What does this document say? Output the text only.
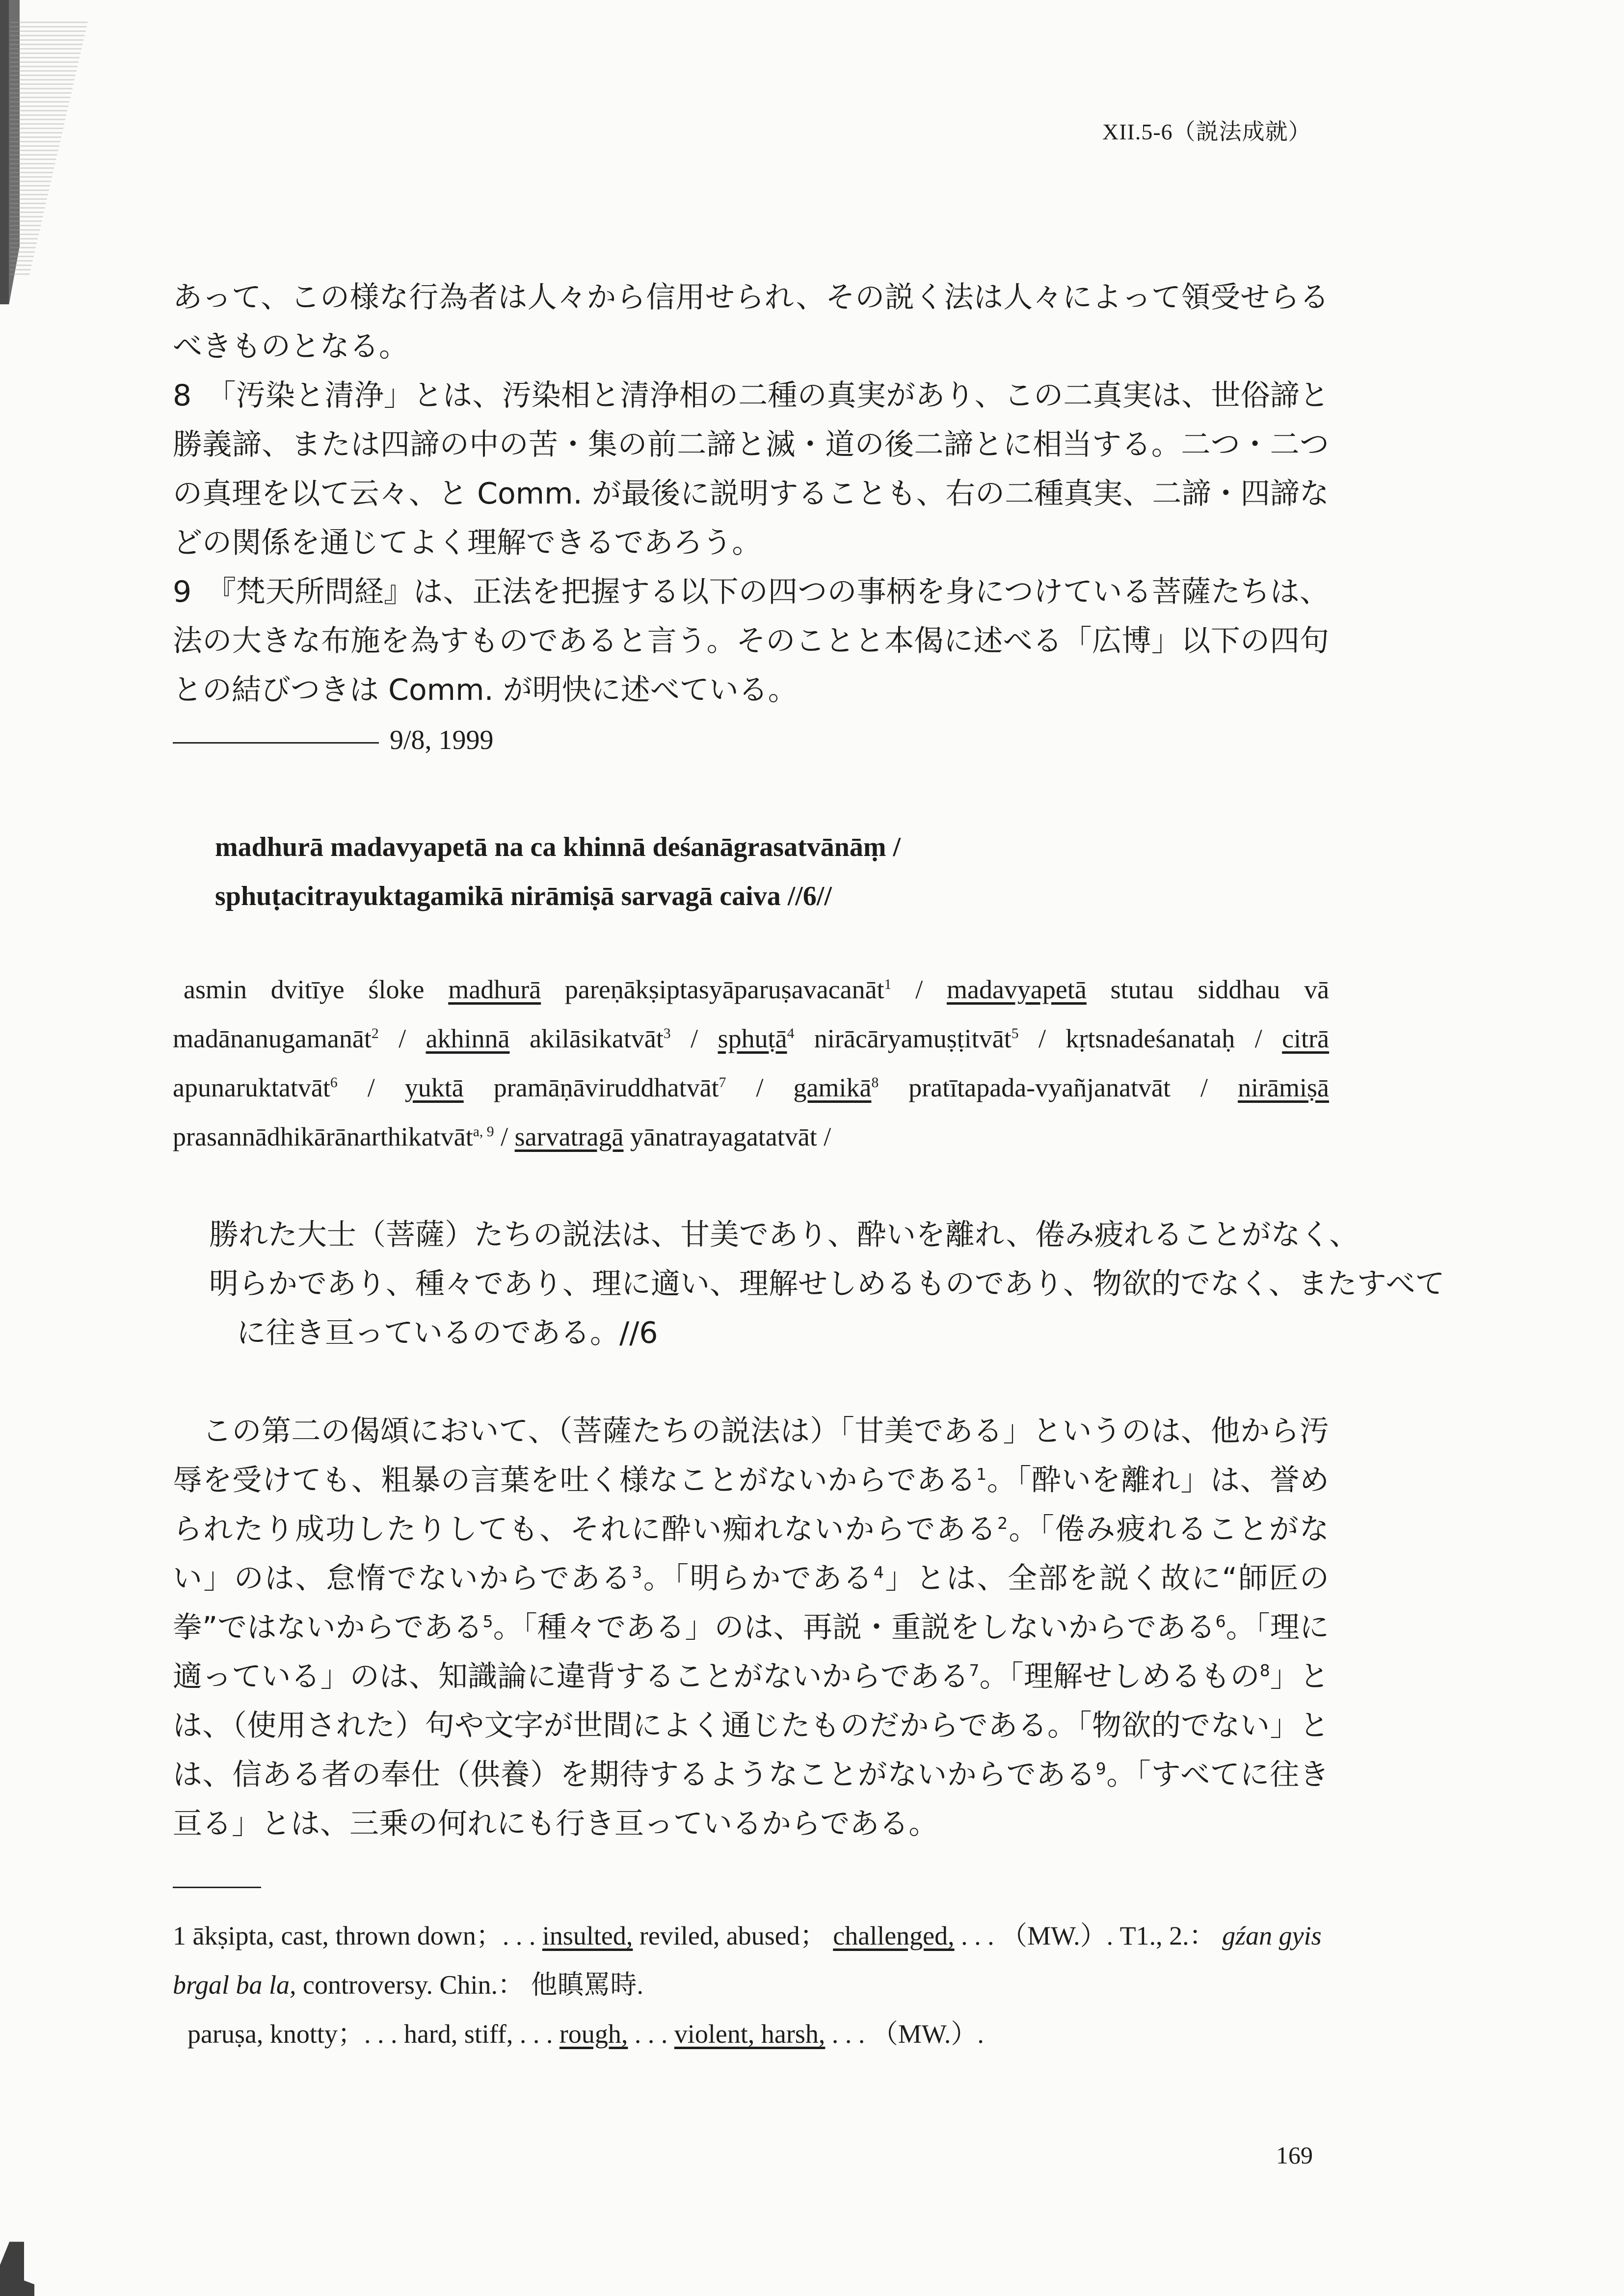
XII.5-6（説法成就）

あって、この様な行為者は人々から信用せられ、その説く法は人々によって領受せらるべきものとなる。

8　「汚染と清浄」とは、汚染相と清浄相の二種の真実があり、この二真実は、世俗諦と勝義諦、または四諦の中の苦・集の前二諦と滅・道の後二諦とに相当する。二つ・二つの真理を以て云々、と Comm. が最後に説明することも、右の二種真実、二諦・四諦などの関係を通じてよく理解できるであろう。

9　『梵天所問経』は、正法を把握する以下の四つの事柄を身につけている菩薩たちは、法の大きな布施を為すものであると言う。そのことと本偈に述べる「広博」以下の四句との結びつきは Comm. が明快に述べている。

9/8, 1999
madhurā madavyapetā na ca khinnā deśanāgrasatvānāṃ /
sphuṭacitrayuktagamikā nirāmiṣā sarvagā caiva //6//
asmin dvitīye śloke madhurā pareṇākṣiptasyāparuṣavacanāt$^1$ / madavyapetā stutau siddhau vā madānanugamanāt$^2$ / akhinnā akilāsikatvāt$^3$ / sphuṭā$^4$ nirācāryamuṣṭitvāt$^5$ / kṛtsnadeśanataḥ / citrā apunaruktatvāt$^6$ / yuktā pramāṇāviruddhatvāt$^7$ / gamikā$^8$ pratītapada-vyañjanatvāt / nirāmiṣā prasannādhikārānarthikatvāt$^{a, 9}$ / sarvatragā yānatrayagatatvāt /
勝れた大士（菩薩）たちの説法は、甘美であり、酔いを離れ、倦み疲れることがなく、
明らかであり、種々であり、理に適い、理解せしめるものであり、物欲的でなく、またすべて
に往き亘っているのである。//6
この第二の偈頌において、（菩薩たちの説法は）「甘美である」というのは、他から汚辱を受けても、粗暴の言葉を吐く様なことがないからである$^1$。「酔いを離れ」は、誉められたり成功したりしても、それに酔い痴れないからである$^2$。「倦み疲れることがない」のは、怠惰でないからである$^3$。「明らかである$^4$」とは、全部を説く故に“師匠の拳”ではないからである$^5$。「種々である」のは、再説・重説をしないからである$^6$。「理に適っている」のは、知識論に違背することがないからである$^7$。「理解せしめるもの$^8$」とは、（使用された）句や文字が世間によく通じたものだからである。「物欲的でない」とは、信ある者の奉仕（供養）を期待するようなことがないからである$^9$。「すべてに往き亘る」とは、三乗の何れにも行き亘っているからである。

1 ākṣipta, cast, thrown down；. . . insulted, reviled, abused； challenged, . . . （MW.）. T1., 2.： gźan gyis brgal ba la, controversy. Chin.： 他瞋罵時.

paruṣa, knotty；. . . hard, stiff, . . . rough, . . . violent, harsh, . . . （MW.）.

169
